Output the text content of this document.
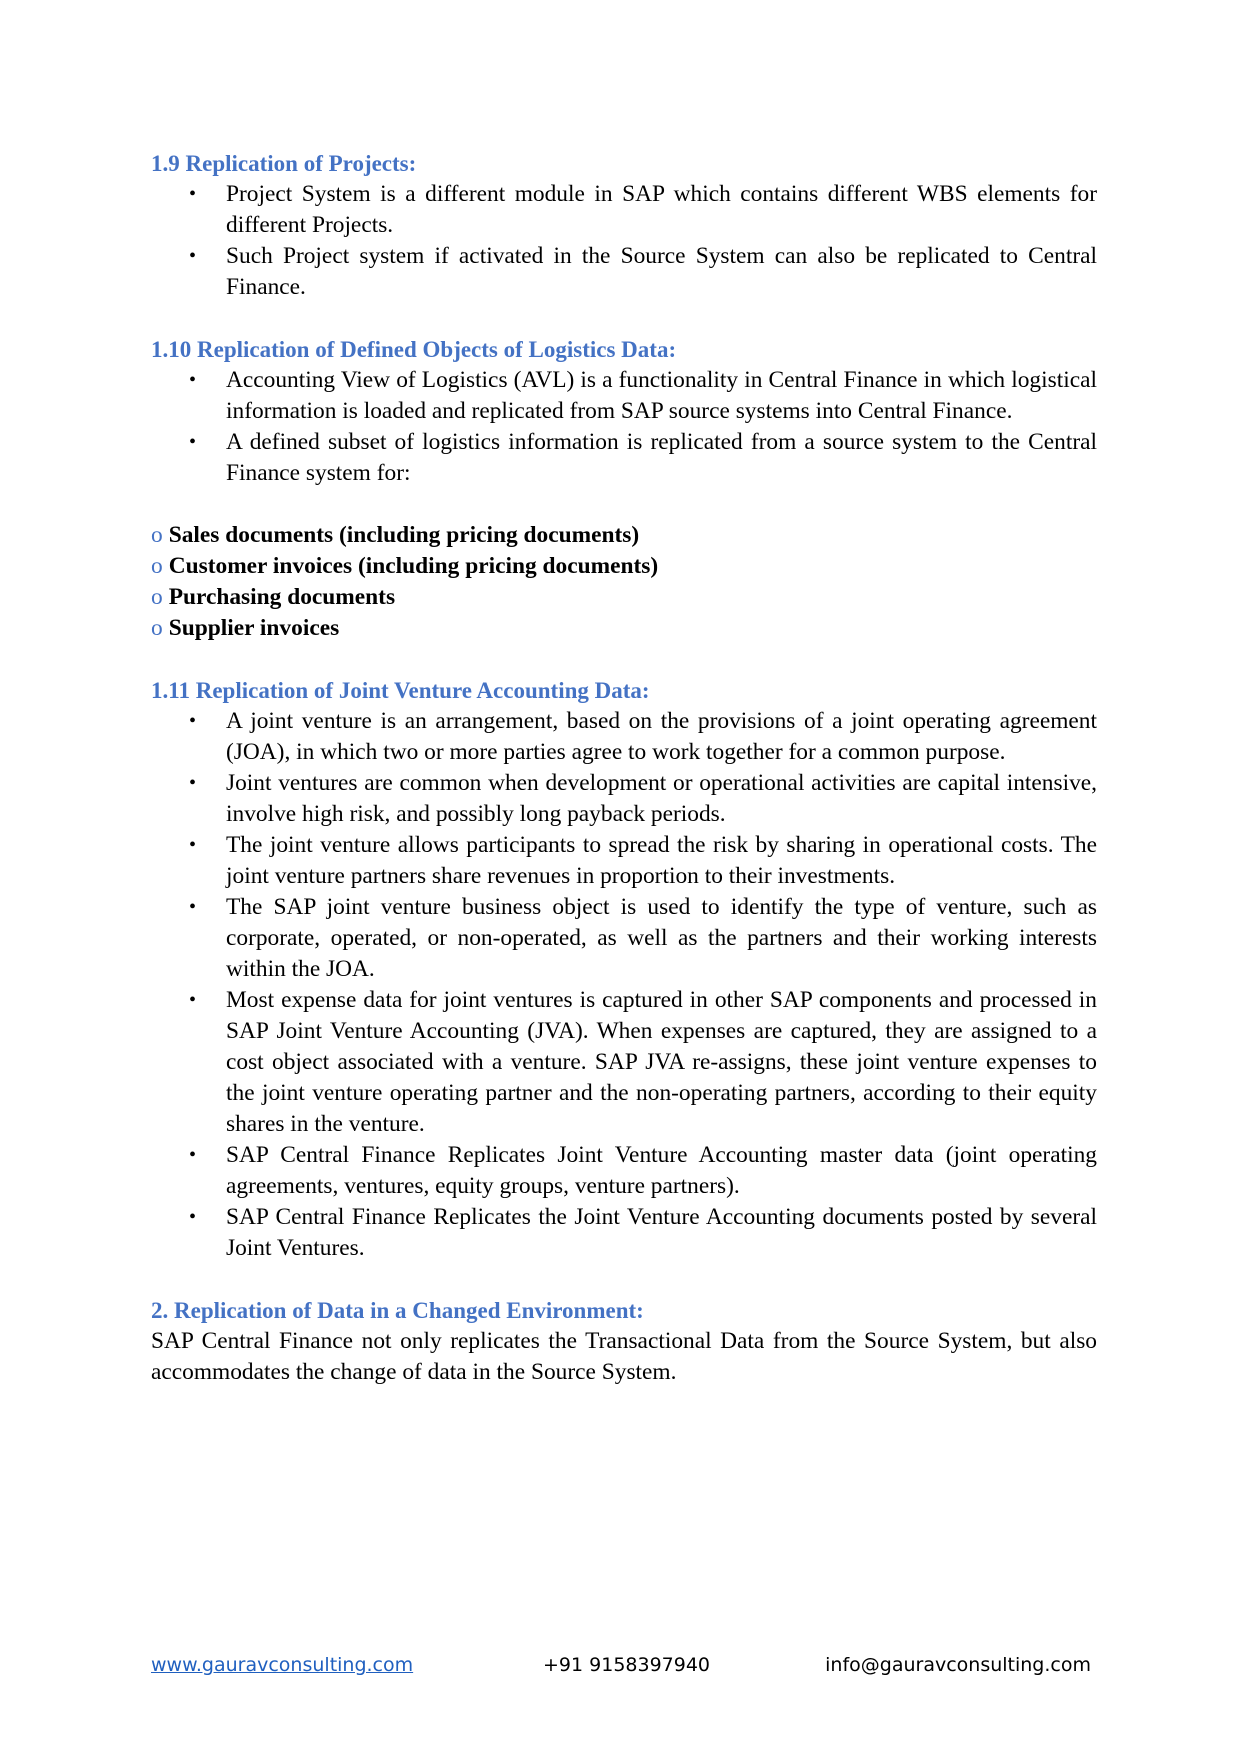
1.9 Replication of Projects:
• Project System is a different module in SAP which contains different WBS elements for different Projects.
• Such Project system if activated in the Source System can also be replicated to Central Finance.
1.10 Replication of Defined Objects of Logistics Data:
• Accounting View of Logistics (AVL) is a functionality in Central Finance in which logistical information is loaded and replicated from SAP source systems into Central Finance.
• A defined subset of logistics information is replicated from a source system to the Central Finance system for:
o Sales documents (including pricing documents)
o Customer invoices (including pricing documents)
o Purchasing documents
o Supplier invoices
1.11 Replication of Joint Venture Accounting Data:
• A joint venture is an arrangement, based on the provisions of a joint operating agreement (JOA), in which two or more parties agree to work together for a common purpose.
• Joint ventures are common when development or operational activities are capital intensive, involve high risk, and possibly long payback periods.
• The joint venture allows participants to spread the risk by sharing in operational costs. The joint venture partners share revenues in proportion to their investments.
• The SAP joint venture business object is used to identify the type of venture, such as corporate, operated, or non-operated, as well as the partners and their working interests within the JOA.
• Most expense data for joint ventures is captured in other SAP components and processed in SAP Joint Venture Accounting (JVA). When expenses are captured, they are assigned to a cost object associated with a venture. SAP JVA re-assigns, these joint venture expenses to the joint venture operating partner and the non-operating partners, according to their equity shares in the venture.
• SAP Central Finance Replicates Joint Venture Accounting master data (joint operating agreements, ventures, equity groups, venture partners).
• SAP Central Finance Replicates the Joint Venture Accounting documents posted by several Joint Ventures.
2. Replication of Data in a Changed Environment:

SAP Central Finance not only replicates the Transactional Data from the Source System, but also accommodates the change of data in the Source System.

www.gauravconsulting.com	+91 9158397940	info@gauravconsulting.com
